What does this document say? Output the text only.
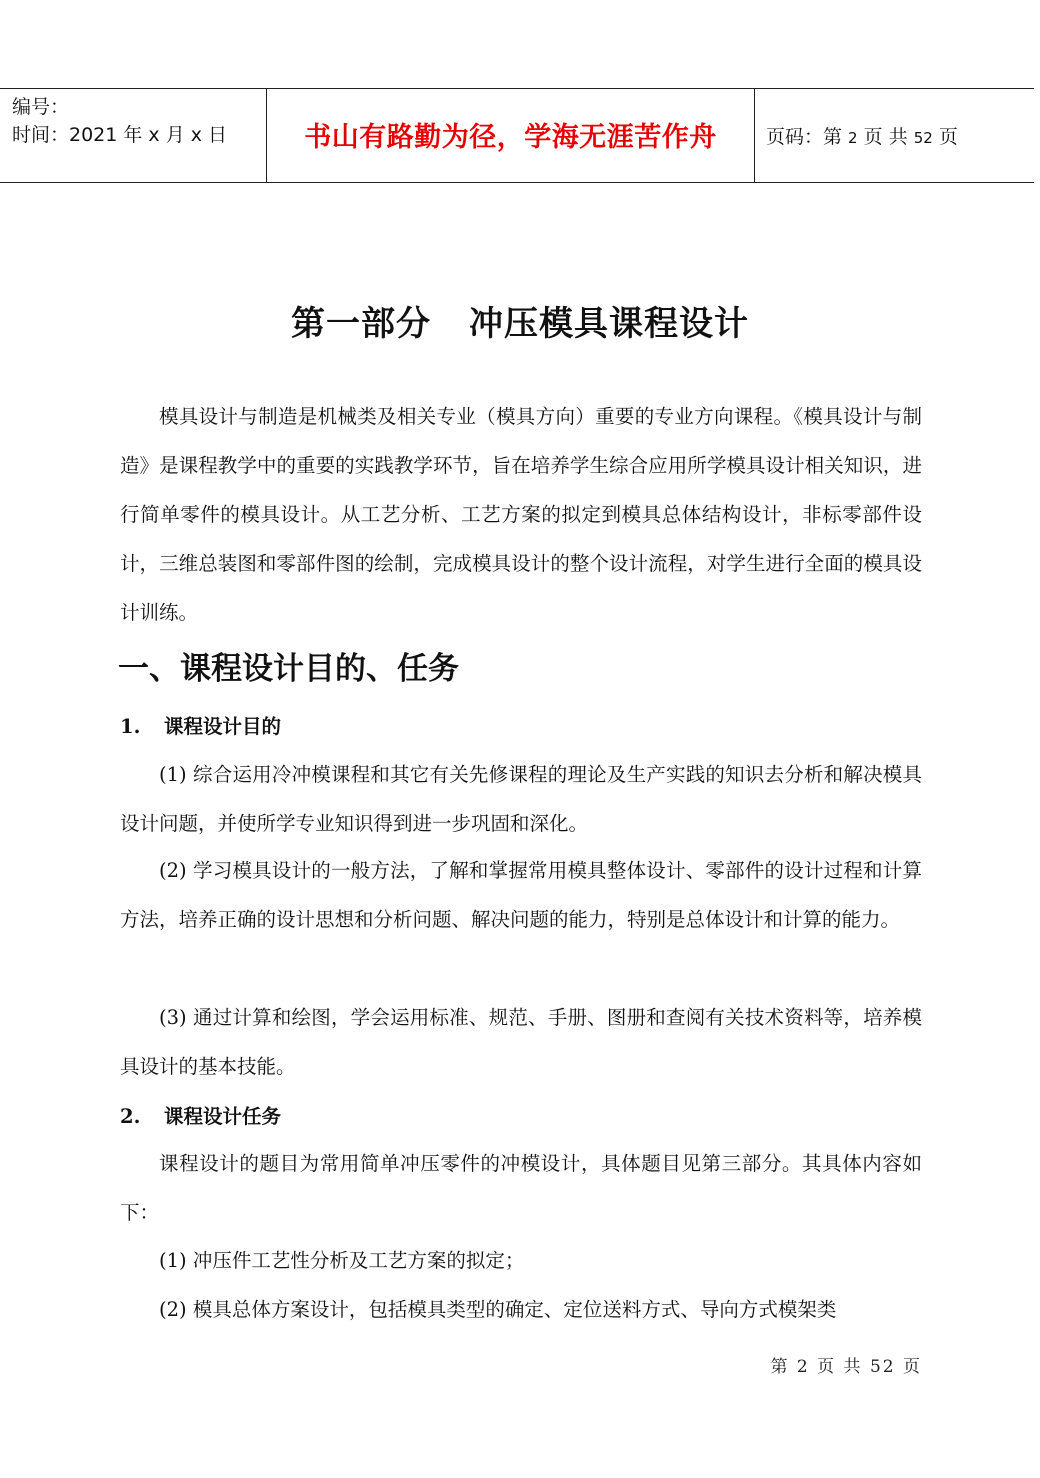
编号：
时间：2021 年 x 月 x 日	书山有路勤为径，学海无涯苦作舟	页码：第 2 页 共 52 页
第一部分 冲压模具课程设计

模具设计与制造是机械类及相关专业（模具方向）重要的专业方向课程。《模具设计与制造》是课程教学中的重要的实践教学环节，旨在培养学生综合应用所学模具设计相关知识，进行简单零件的模具设计。从工艺分析、工艺方案的拟定到模具总体结构设计，非标零部件设计，三维总装图和零部件图的绘制，完成模具设计的整个设计流程，对学生进行全面的模具设计训练。

一、课程设计目的、任务
1. 课程设计目的

(1) 综合运用冷冲模课程和其它有关先修课程的理论及生产实践的知识去分析和解决模具设计问题，并使所学专业知识得到进一步巩固和深化。

(2) 学习模具设计的一般方法，了解和掌握常用模具整体设计、零部件的设计过程和计算方法，培养正确的设计思想和分析问题、解决问题的能力，特别是总体设计和计算的能力。

(3) 通过计算和绘图，学会运用标准、规范、手册、图册和查阅有关技术资料等，培养模具设计的基本技能。

2. 课程设计任务

课程设计的题目为常用简单冲压零件的冲模设计，具体题目见第三部分。其具体内容如下：

(1) 冲压件工艺性分析及工艺方案的拟定；

(2) 模具总体方案设计，包括模具类型的确定、定位送料方式、导向方式模架类

第 2 页 共 52 页
